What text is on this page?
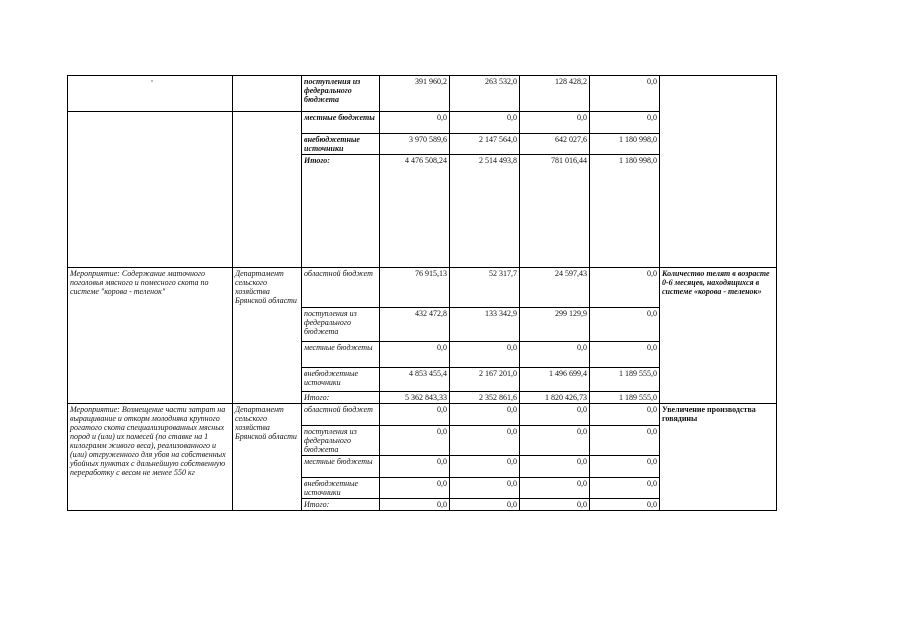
		поступления из федерального бюджета	391 960,2	263 532,0	128 428,2	0,0	
		местные бюджеты	0,0	0,0	0,0	0,0	
		внебюджетные источники	3 970 589,6	2 147 564,0	642 027,6	1 180 998,0	
		Итого:	4 476 508,24	2 514 493,8	781 016,44	1 180 998,0	
Мероприятие: Содержание маточного поголовья мясного и помесного скота по системе "корова - теленок"	Департамент сельского хозяйства Брянской области	областной бюджет	76 915,13	52 317,7	24 597,43	0,0	Количество телят в возрасте 0-6 месяцев, находящихся в системе «корова - теленок»
		поступления из федерального бюджета	432 472,8	133 342,9	299 129,9	0,0	
		местные бюджеты	0,0	0,0	0,0	0,0	
		внебюджетные источники	4 853 455,4	2 167 201,0	1 496 699,4	1 189 555,0	
		Итого:	5 362 843,33	2 352 861,6	1 820 426,73	1 189 555,0	
Мероприятие: Возмещение части затрат на выращивание и откорм молодняка крупного рогатого скота специализированных мясных пород и (или) их помесей (по ставке на 1 килограмм живого веса), реализованного и (или) отгруженного для убоя на собственных убойных пунктах с дальнейшую собственную переработку с весом не менее 550 кг	Департамент сельского хозяйства Брянской области	областной бюджет	0,0	0,0	0,0	0,0	Увеличение производства говядины
		поступления из федерального бюджета	0,0	0,0	0,0	0,0	
		местные бюджеты	0,0	0,0	0,0	0,0	
		внебюджетные источники	0,0	0,0	0,0	0,0	
		Итого:	0,0	0,0	0,0	0,0	
